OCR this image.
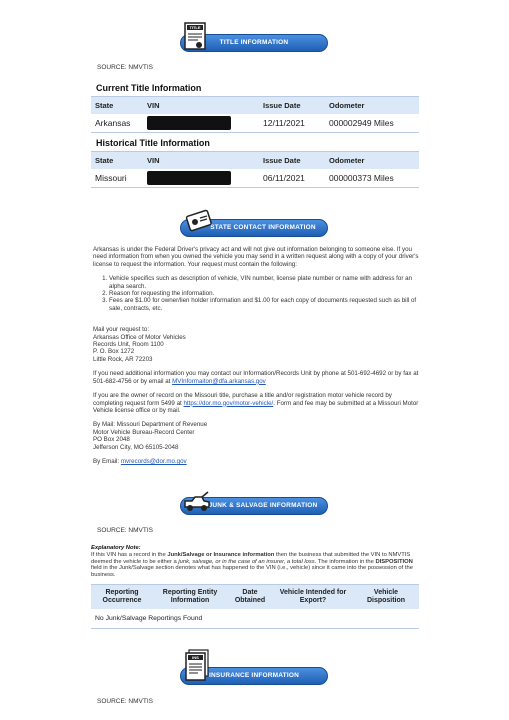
TITLE INFORMATION
TITLE
SOURCE: NMVTIS
Current Title Information
State	VIN	Issue Date	Odometer
Arkansas		12/11/2021	000002949 Miles
Historical Title Information
State	VIN	Issue Date	Odometer
Missouri		06/11/2021	000000373 Miles
STATE CONTACT INFORMATION

Arkansas is under the Federal Driver's privacy act and will not give out information belonging to someone else. If you need information from when you owned the vehicle you may send in a written request along with a copy of your driver's license to request the information. Your request must contain the following:

1. Vehicle specifics such as description of vehicle, VIN number, license plate number or name with address for an alpha search.
2. Reason for requesting the information.
3. Fees are $1.00 for owner/lien holder information and $1.00 for each copy of documents requested such as bill of sale, contracts, etc.
Mail your request to:
Arkansas Office of Motor Vehicles
Records Unit, Room 1100
P. O. Box 1272
Little Rock, AR 72203

If you need additional information you may contact our Information/Records Unit by phone at 501-692-4692 or by fax at 501-682-4756 or by email at MVInformaiton@dfa.arkansas.gov

If you are the owner of record on the Missouri title, purchase a title and/or registration motor vehicle record by completing request form 5499 at https://dor.mo.gov/motor-vehicle/. Form and fee may be submitted at a Missouri Motor Vehicle license office or by mail.

By Mail: Missouri Department of Revenue
Motor Vehicle Bureau-Record Center
PO Box 2048
Jefferson City, MO 65105-2048

By Email: mvrecords@dor.mo.gov

JUNK & SALVAGE INFORMATION
SOURCE: NMVTIS
Explanatory Note:
If this VIN has a record in the Junk/Salvage or Insurance information then the business that submitted the VIN to NMVTIS deemed the vehicle to be either a junk, salvage, or in the case of an insurer, a total loss. The information in the DISPOSITION field in the Junk/Salvage section denotes what has happened to the VIN (i.e., vehicle) since it came into the possession of the business.
Reporting Occurrence	Reporting Entity Information	Date Obtained	Vehicle Intended for Export?	Vehicle Disposition
No Junk/Salvage Reportings Found
INSURANCE INFORMATION
INS
SOURCE: NMVTIS
